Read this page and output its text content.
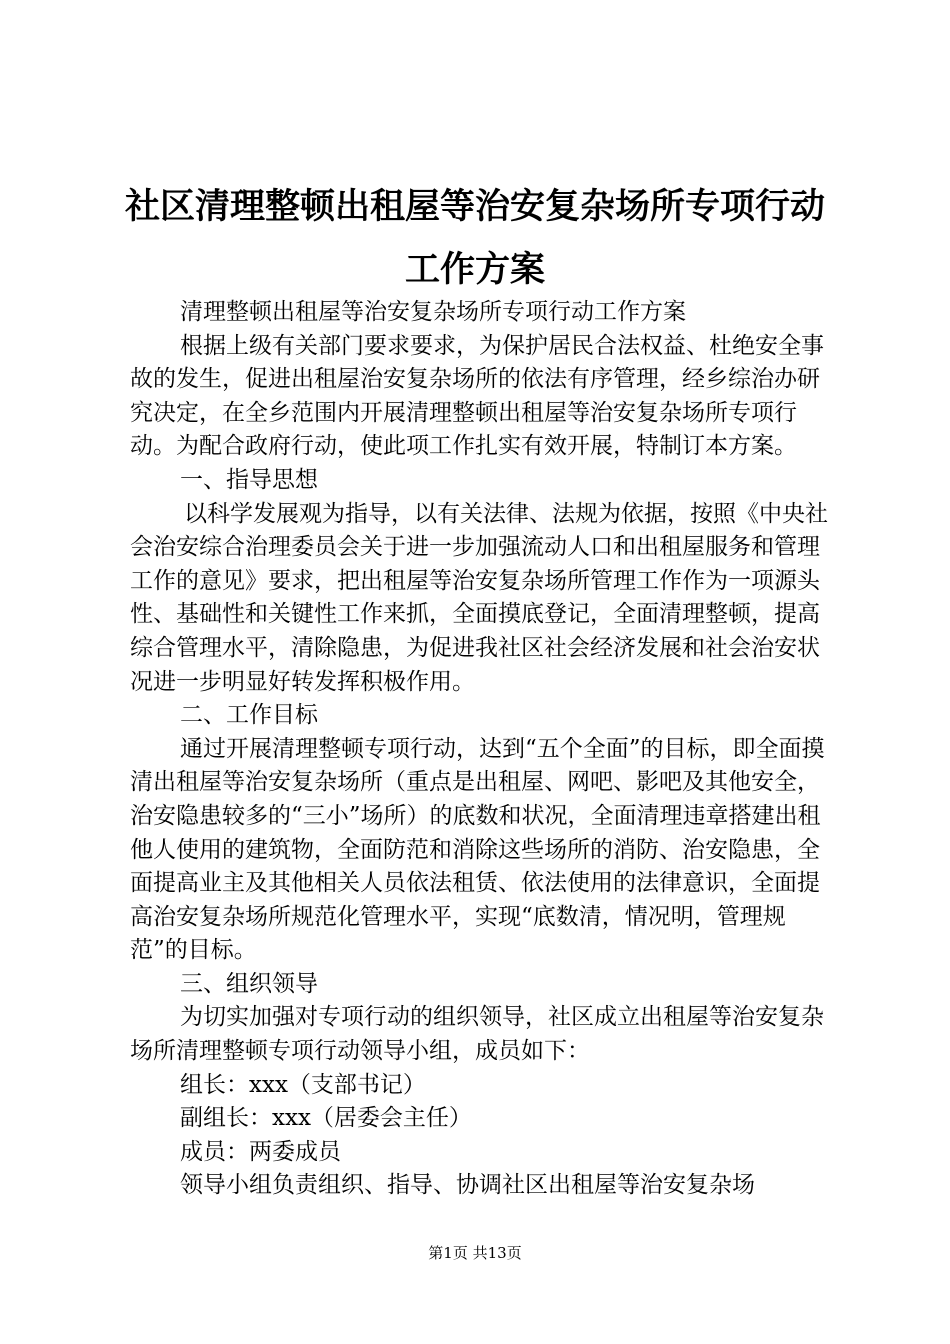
社区清理整顿出租屋等治安复杂场所专项行动
工作方案

清理整顿出租屋等治安复杂场所专项行动工作方案

根据上级有关部门要求要求，为保护居民合法权益、杜绝安全事故的发生，促进出租屋治安复杂场所的依法有序管理，经乡综治办研究决定，在全乡范围内开展清理整顿出租屋等治安复杂场所专项行动。为配合政府行动，使此项工作扎实有效开展，特制订本方案。

一、指导思想

以科学发展观为指导，以有关法律、法规为依据，按照《中央社会治安综合治理委员会关于进一步加强流动人口和出租屋服务和管理工作的意见》要求，把出租屋等治安复杂场所管理工作作为一项源头性、基础性和关键性工作来抓，全面摸底登记，全面清理整顿，提高综合管理水平，清除隐患，为促进我社区社会经济发展和社会治安状况进一步明显好转发挥积极作用。

二、工作目标

通过开展清理整顿专项行动，达到“五个全面”的目标，即全面摸清出租屋等治安复杂场所（重点是出租屋、网吧、影吧及其他安全，治安隐患较多的“三小”场所）的底数和状况，全面清理违章搭建出租他人使用的建筑物，全面防范和消除这些场所的消防、治安隐患，全面提高业主及其他相关人员依法租赁、依法使用的法律意识，全面提高治安复杂场所规范化管理水平，实现“底数清，情况明，管理规范”的目标。

三、组织领导

为切实加强对专项行动的组织领导，社区成立出租屋等治安复杂场所清理整顿专项行动领导小组，成员如下：

组长：xxx（支部书记）

副组长：xxx（居委会主任）

成员：两委成员

领导小组负责组织、指导、协调社区出租屋等治安复杂场

第1页 共13页
